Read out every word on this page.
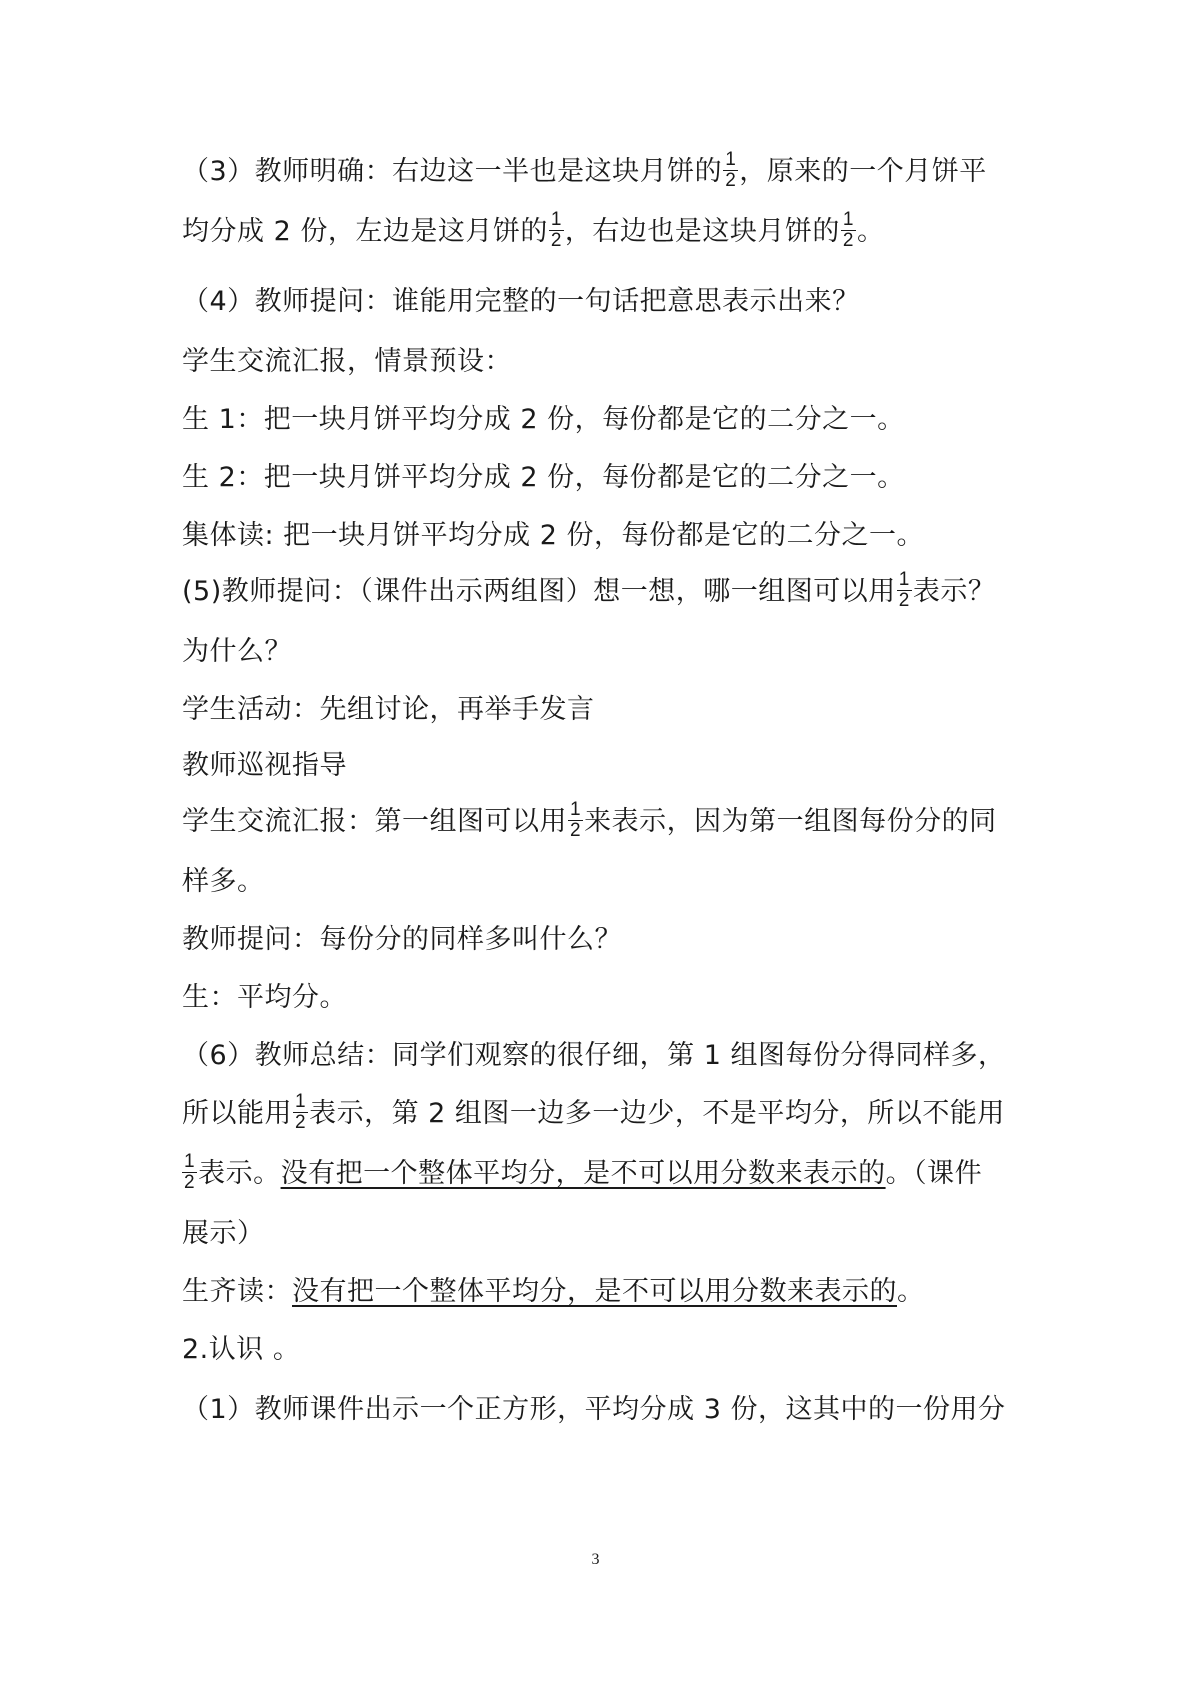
（3）教师明确：右边这一半也是这块月饼的 $\frac{1}{2}$ ，原来的一个月饼平
均分成 2 份，左边是这月饼的 $\frac{1}{2}$ ，右边也是这块月饼的 $\frac{1}{2}$ 。
（4）教师提问：谁能用完整的一句话把意思表示出来？
学生交流汇报，情景预设：
生 1：把一块月饼平均分成 2 份，每份都是它的二分之一。
生 2：把一块月饼平均分成 2 份，每份都是它的二分之一。
集体读: 把一块月饼平均分成 2 份，每份都是它的二分之一。
(5)教师提问：（课件出示两组图）想一想，哪一组图可以用 $\frac{1}{2}$ 表示？
为什么？
学生活动：先组讨论，再举手发言
教师巡视指导
学生交流汇报：第一组图可以用 $\frac{1}{2}$ 来表示，因为第一组图每份分的同
样多。
教师提问：每份分的同样多叫什么？
生：平均分。
（6）教师总结：同学们观察的很仔细，第 1 组图每份分得同样多，
所以能用 $\frac{1}{2}$ 表示，第 2 组图一边多一边少，不是平均分，所以不能用
$\frac{1}{2}$ 表示。没有把一个整体平均分，是不可以用分数来表示的。（课件
展示）
生齐读：没有把一个整体平均分，是不可以用分数来表示的。
2.认识 。
（1）教师课件出示一个正方形，平均分成 3 份，这其中的一份用分
3
